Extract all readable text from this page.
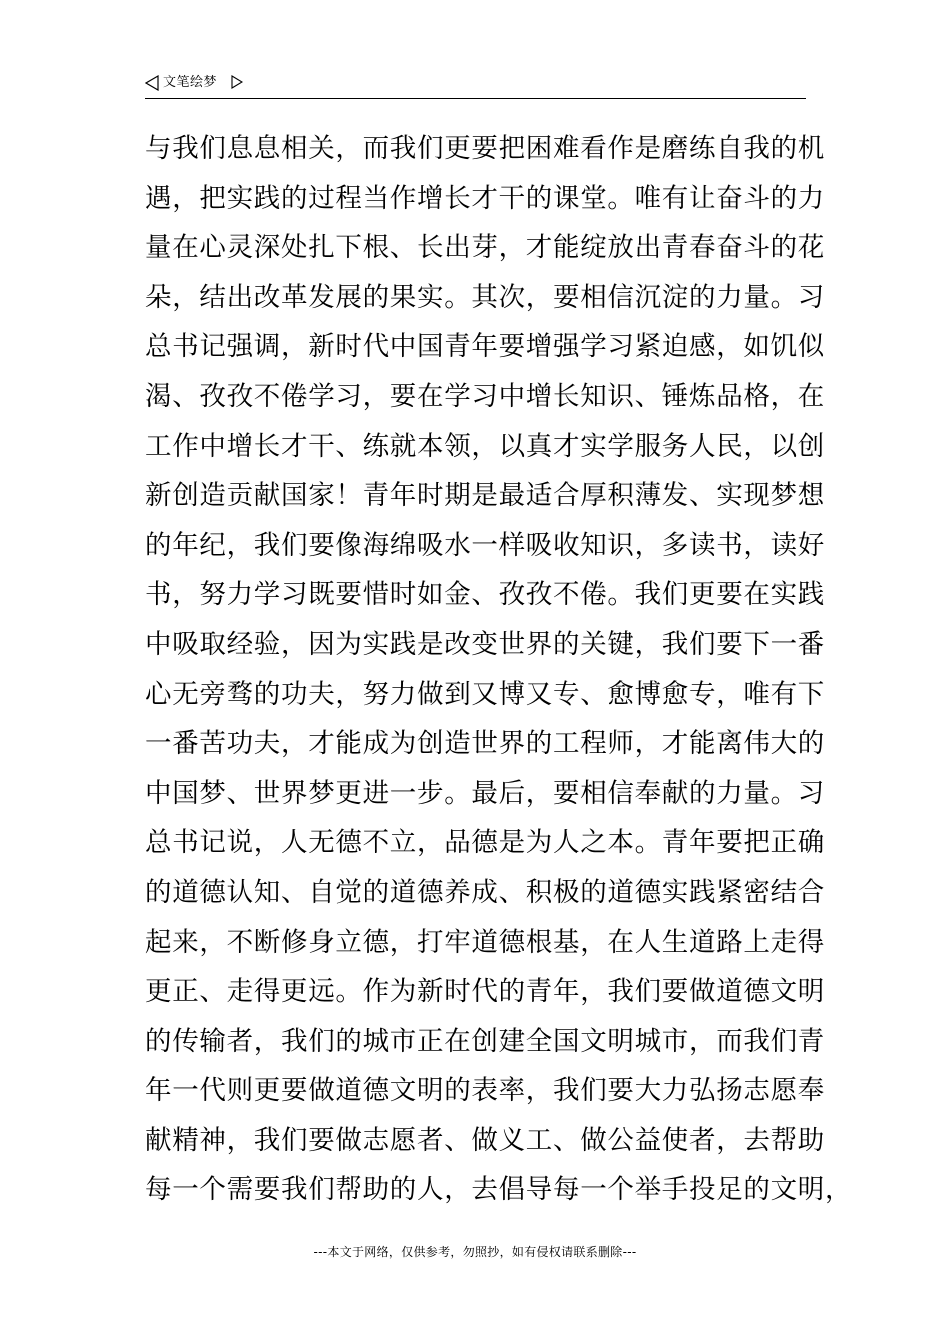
文笔绘梦
与我们息息相关，而我们更要把困难看作是磨练自我的机
遇，把实践的过程当作增长才干的课堂。唯有让奋斗的力
量在心灵深处扎下根、长出芽，才能绽放出青春奋斗的花
朵，结出改革发展的果实。其次，要相信沉淀的力量。习
总书记强调，新时代中国青年要增强学习紧迫感，如饥似
渴、孜孜不倦学习，要在学习中增长知识、锤炼品格，在
工作中增长才干、练就本领，以真才实学服务人民，以创
新创造贡献国家！青年时期是最适合厚积薄发、实现梦想
的年纪，我们要像海绵吸水一样吸收知识，多读书，读好
书，努力学习既要惜时如金、孜孜不倦。我们更要在实践
中吸取经验，因为实践是改变世界的关键，我们要下一番
心无旁骛的功夫，努力做到又博又专、愈博愈专，唯有下
一番苦功夫，才能成为创造世界的工程师，才能离伟大的
中国梦、世界梦更进一步。最后，要相信奉献的力量。习
总书记说，人无德不立，品德是为人之本。青年要把正确
的道德认知、自觉的道德养成、积极的道德实践紧密结合
起来，不断修身立德，打牢道德根基，在人生道路上走得
更正、走得更远。作为新时代的青年，我们要做道德文明
的传输者，我们的城市正在创建全国文明城市，而我们青
年一代则更要做道德文明的表率，我们要大力弘扬志愿奉
献精神，我们要做志愿者、做义工、做公益使者，去帮助
每一个需要我们帮助的人，去倡导每一个举手投足的文明，
---本文于网络，仅供参考，勿照抄，如有侵权请联系删除---
